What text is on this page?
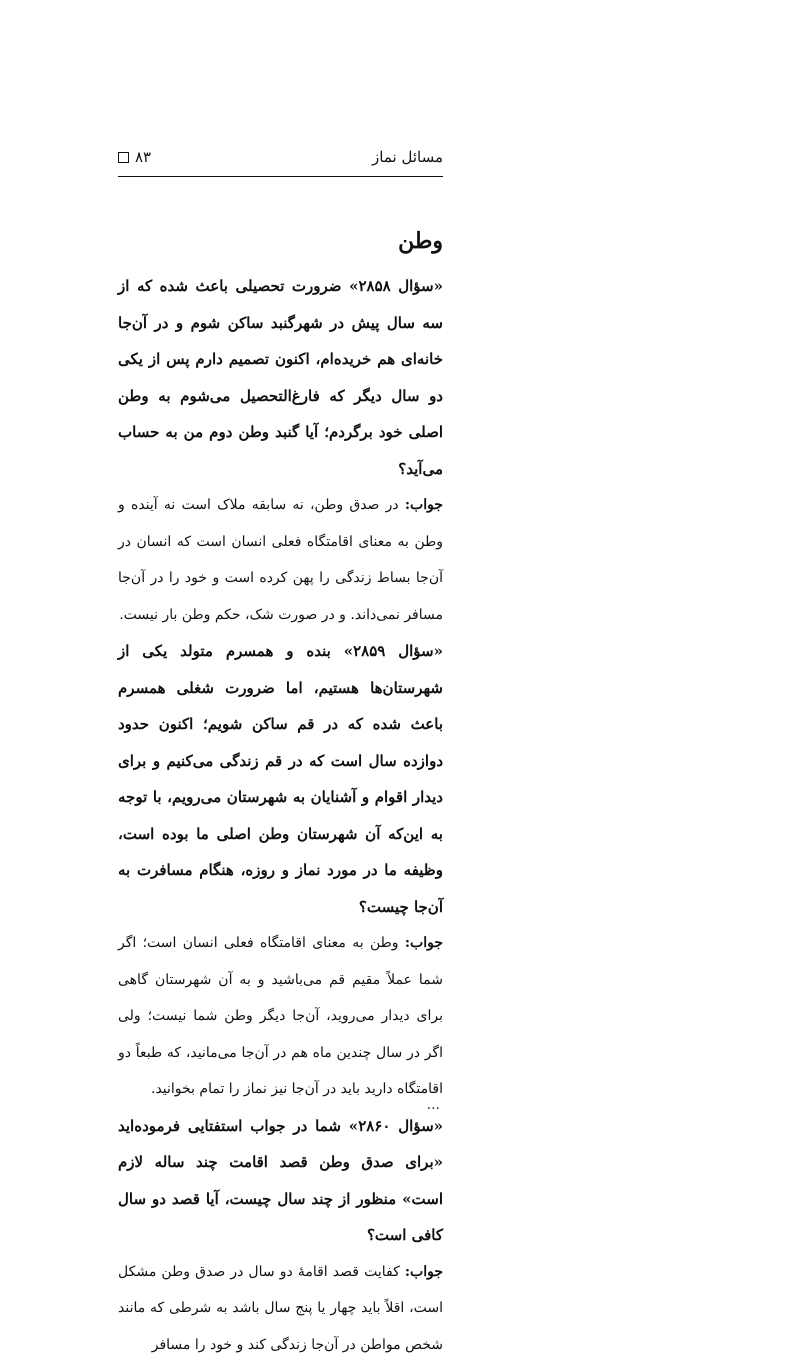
مسائل نماز
۸۳
وطن

«سؤال ۲۸۵۸» ضرورت تحصیلی باعث شده که از سه سال پیش در شهرگنبد ساکن شوم و در آن‌جا خانه‌ای هم خریده‌ام، اکنون تصمیم دارم پس از یکی دو سال دیگر که فارغ‌التحصیل می‌شوم به وطن اصلی خود برگردم؛ آیا گنبد وطن دوم من به حساب می‌آید؟

جواب: در صدق وطن، نه سابقه ملاک است نه آینده و وطن به معنای اقامتگاه فعلی انسان است که انسان در آن‌جا بساط زندگی را پهن کرده است و خود را در آن‌جا مسافر نمی‌داند. و در صورت شک، حکم وطن بار نیست.

«سؤال ۲۸۵۹» بنده و همسرم متولد یکی از شهرستان‌ها هستیم، اما ضرورت شغلی همسرم باعث شده که در قم ساکن شویم؛ اکنون حدود دوازده سال است که در قم زندگی می‌کنیم و برای دیدار اقوام و آشنایان به شهرستان می‌رویم، با توجه به این‌که آن شهرستان وطن اصلی ما بوده است، وظیفه ما در مورد نماز و روزه، هنگام مسافرت به آن‌جا چیست؟

جواب: وطن به معنای اقامتگاه فعلی انسان است؛ اگر شما عملاً مقیم قم می‌باشید و به آن شهرستان گاهی برای دیدار می‌روید، آن‌جا دیگر وطن شما نیست؛ ولی اگر در سال چندین ماه هم در آن‌جا می‌مانید، که طبعاً دو اقامتگاه دارید باید در آن‌جا نیز نماز را تمام بخوانید.

«سؤال ۲۸۶۰» شما در جواب استفتایی فرموده‌اید «برای صدق وطن قصد اقامت چند ساله لازم است» منظور از چند سال چیست، آیا قصد دو سال کافی است؟

جواب: کفایت قصد اقامهٔ دو سال در صدق وطن مشکل است، اقلاً باید چهار یا پنج سال باشد به شرطی که مانند شخص مواطن در آن‌جا زندگی کند و خود را مسافر

...
